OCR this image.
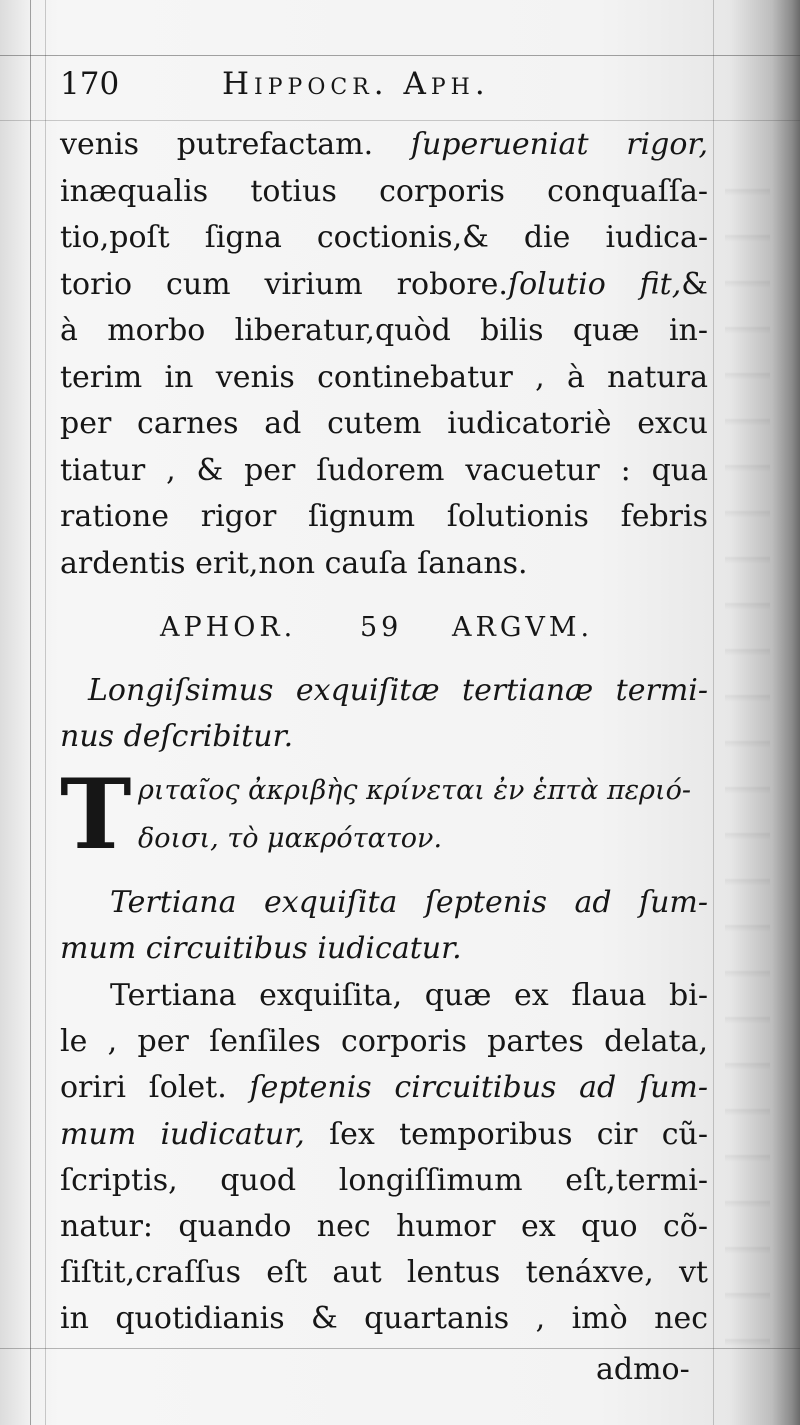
170	Hippocr. Aph.
venis putrefactam. ſuperueniat rigor,
inæqualis totius corporis conquaſſa-
tio,poſt ſigna coctionis,& die iudica-
torio cum virium robore.ſolutio fit,&
à morbo liberatur,quòd bilis quæ in-
terim in venis continebatur , à natura
per carnes ad cutem iudicatoriè excu
tiatur , & per ſudorem vacuetur : qua
ratione rigor ſignum ſolutionis febris
ardentis erit,non cauſa ſanans.
APHOR. 59 ARGVM.
Longiſsimus exquiſitæ tertianæ termi-
nus deſcribitur.
T ριταῖος ἀκριβὴς κρίνεται ἐν ἑπτὰ περιό-
δοισι, τὸ μακρότατον.
Tertiana exquiſita ſeptenis ad ſum-
mum circuitibus iudicatur.
Tertiana exquiſita, quæ ex flaua bi-
le , per ſenſiles corporis partes delata,
oriri ſolet. ſeptenis circuitibus ad ſum-
mum iudicatur, ſex temporibus cir cũ-
ſcriptis, quod longiſſimum eſt,termi-
natur: quando nec humor ex quo cõ-
ſiſtit,craſſus eſt aut lentus tenáxve, vt
in quotidianis & quartanis , imò nec
admo-
